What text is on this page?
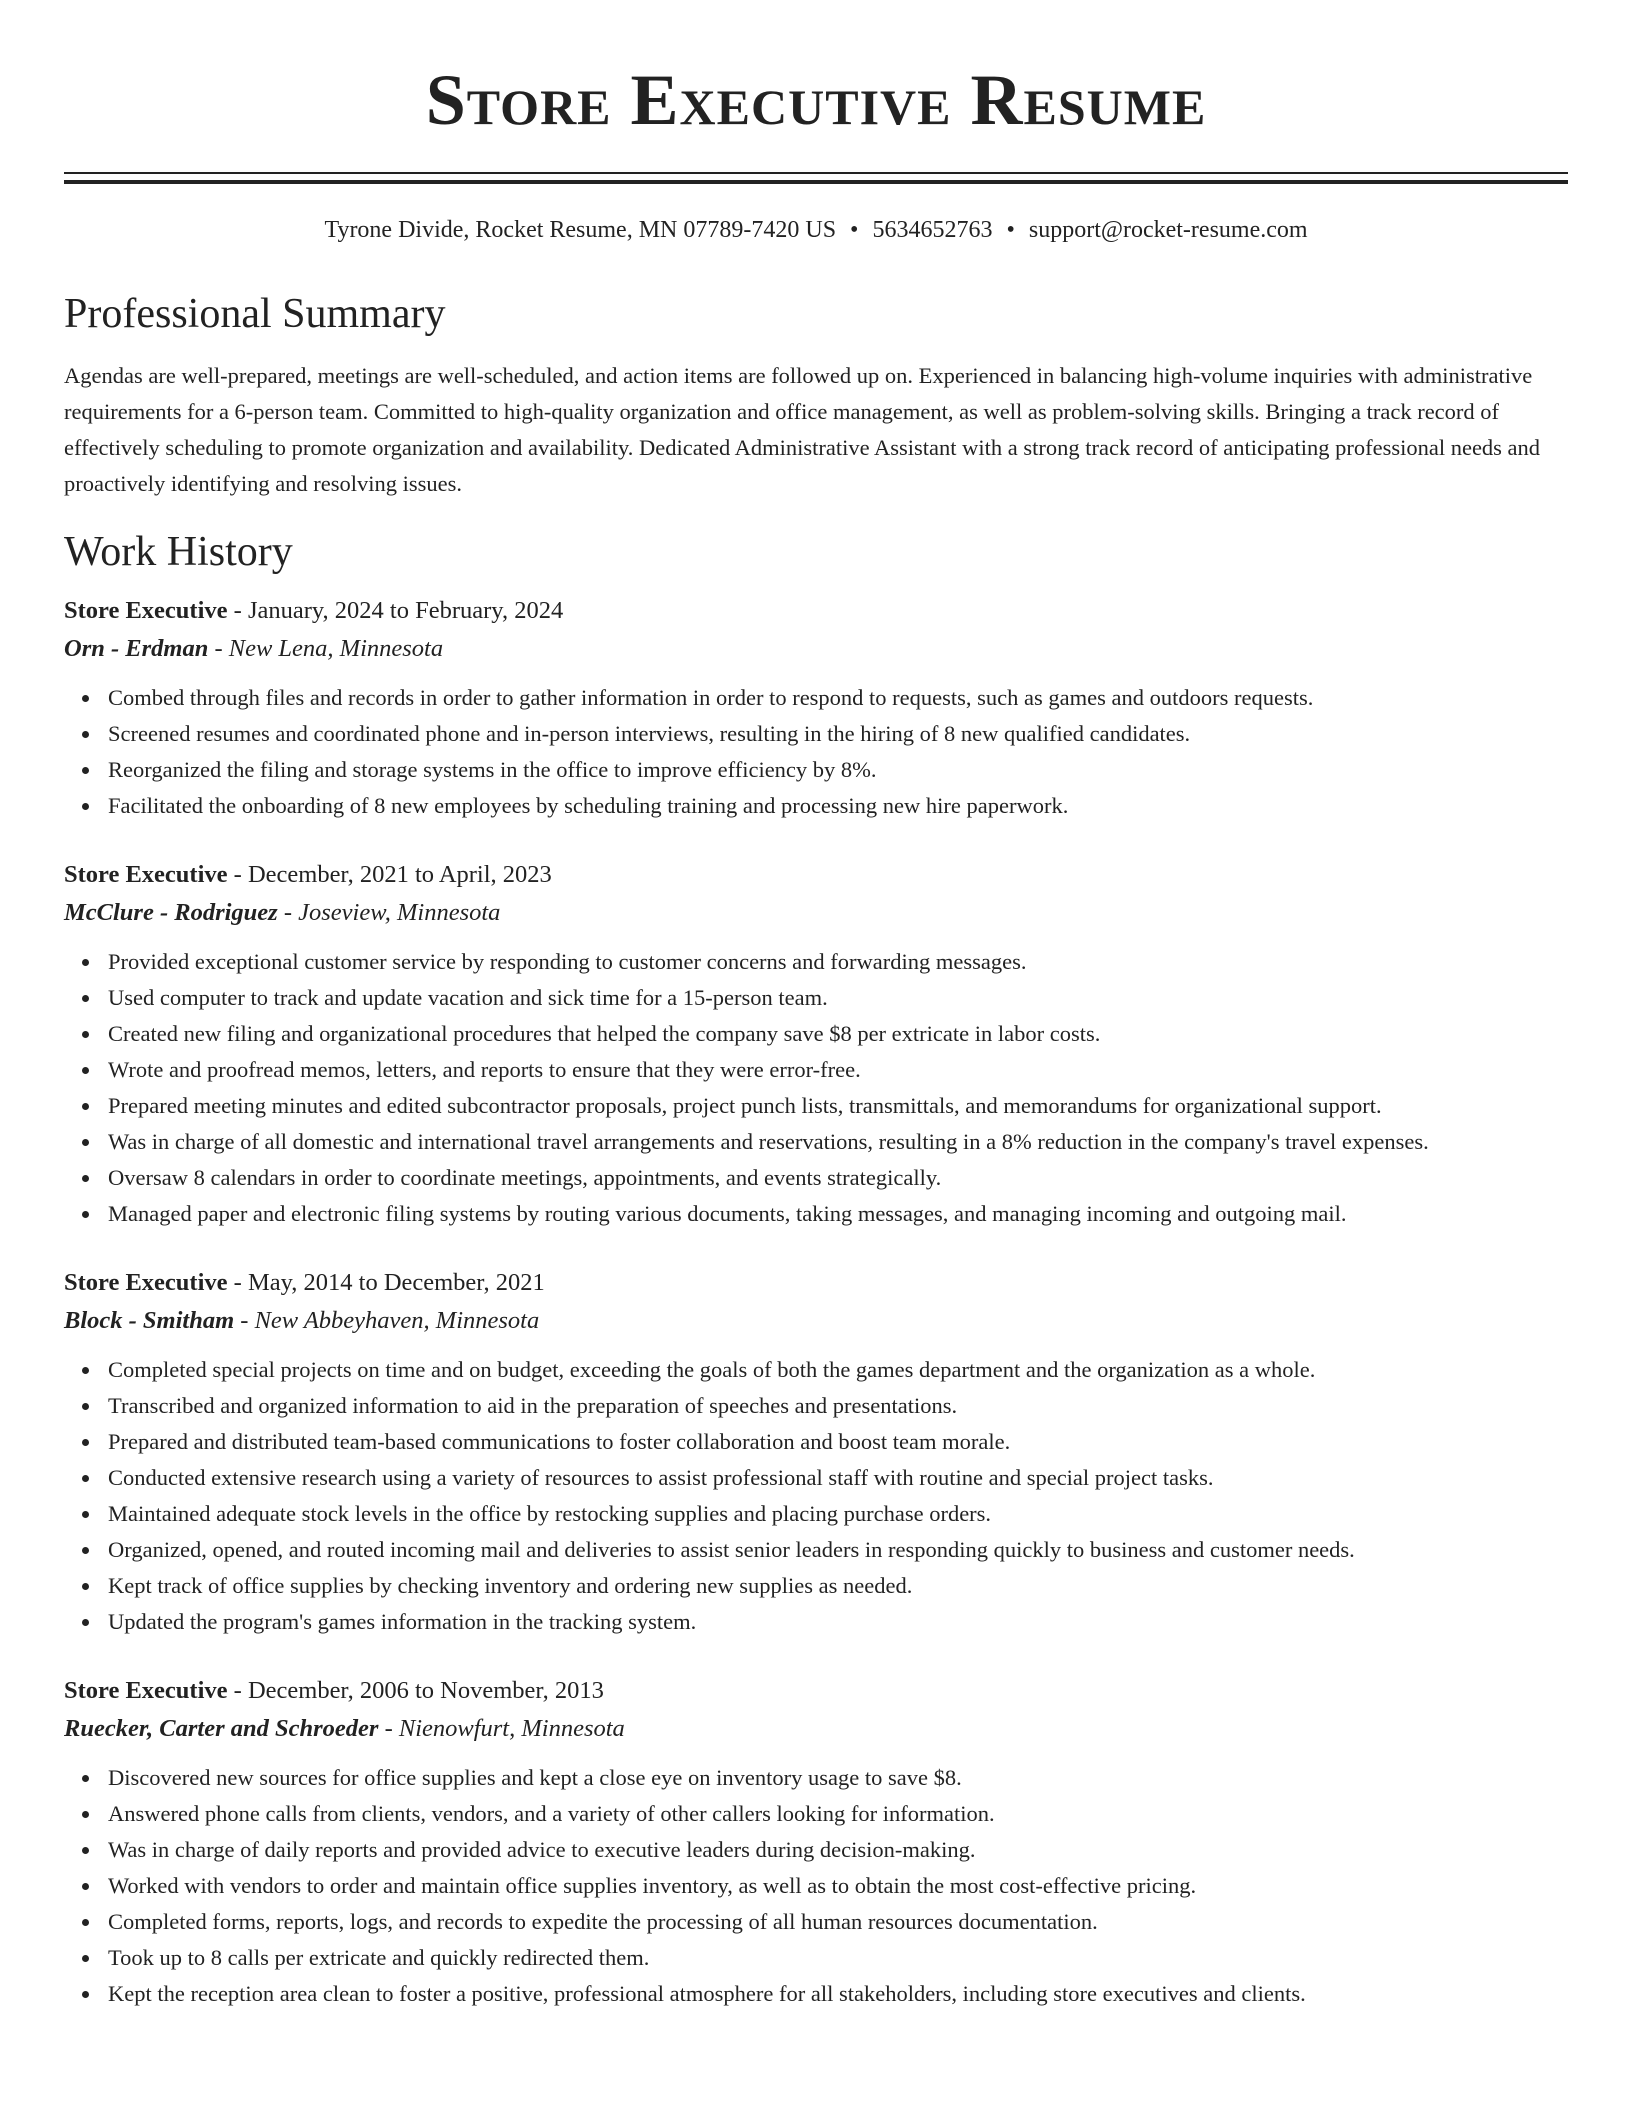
Store Executive Resume
Tyrone Divide, Rocket Resume, MN 07789-7420 US • 5634652763 • support@rocket-resume.com
Professional Summary

Agendas are well-prepared, meetings are well-scheduled, and action items are followed up on. Experienced in balancing high-volume inquiries with administrative requirements for a 6-person team. Committed to high-quality organization and office management, as well as problem-solving skills. Bringing a track record of effectively scheduling to promote organization and availability. Dedicated Administrative Assistant with a strong track record of anticipating professional needs and proactively identifying and resolving issues.

Work History
Store Executive - January, 2024 to February, 2024
Orn - Erdman - New Lena, Minnesota
Combed through files and records in order to gather information in order to respond to requests, such as games and outdoors requests.
Screened resumes and coordinated phone and in-person interviews, resulting in the hiring of 8 new qualified candidates.
Reorganized the filing and storage systems in the office to improve efficiency by 8%.
Facilitated the onboarding of 8 new employees by scheduling training and processing new hire paperwork.
Store Executive - December, 2021 to April, 2023
McClure - Rodriguez - Joseview, Minnesota
Provided exceptional customer service by responding to customer concerns and forwarding messages.
Used computer to track and update vacation and sick time for a 15-person team.
Created new filing and organizational procedures that helped the company save $8 per extricate in labor costs.
Wrote and proofread memos, letters, and reports to ensure that they were error-free.
Prepared meeting minutes and edited subcontractor proposals, project punch lists, transmittals, and memorandums for organizational support.
Was in charge of all domestic and international travel arrangements and reservations, resulting in a 8% reduction in the company's travel expenses.
Oversaw 8 calendars in order to coordinate meetings, appointments, and events strategically.
Managed paper and electronic filing systems by routing various documents, taking messages, and managing incoming and outgoing mail.
Store Executive - May, 2014 to December, 2021
Block - Smitham - New Abbeyhaven, Minnesota
Completed special projects on time and on budget, exceeding the goals of both the games department and the organization as a whole.
Transcribed and organized information to aid in the preparation of speeches and presentations.
Prepared and distributed team-based communications to foster collaboration and boost team morale.
Conducted extensive research using a variety of resources to assist professional staff with routine and special project tasks.
Maintained adequate stock levels in the office by restocking supplies and placing purchase orders.
Organized, opened, and routed incoming mail and deliveries to assist senior leaders in responding quickly to business and customer needs.
Kept track of office supplies by checking inventory and ordering new supplies as needed.
Updated the program's games information in the tracking system.
Store Executive - December, 2006 to November, 2013
Ruecker, Carter and Schroeder - Nienowfurt, Minnesota
Discovered new sources for office supplies and kept a close eye on inventory usage to save $8.
Answered phone calls from clients, vendors, and a variety of other callers looking for information.
Was in charge of daily reports and provided advice to executive leaders during decision-making.
Worked with vendors to order and maintain office supplies inventory, as well as to obtain the most cost-effective pricing.
Completed forms, reports, logs, and records to expedite the processing of all human resources documentation.
Took up to 8 calls per extricate and quickly redirected them.
Kept the reception area clean to foster a positive, professional atmosphere for all stakeholders, including store executives and clients.
